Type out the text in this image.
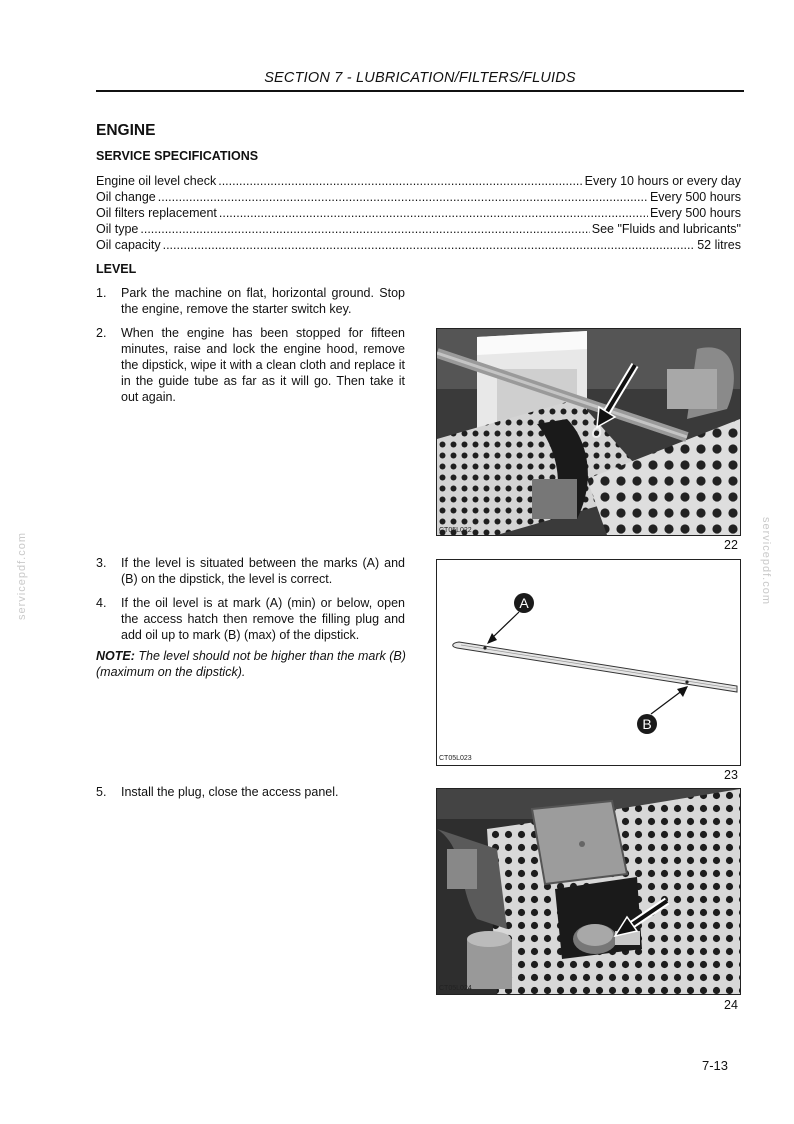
SECTION 7 - LUBRICATION/FILTERS/FLUIDS
ENGINE
SERVICE SPECIFICATIONS
Engine oil level check .....	Every 10 hours or every day
Oil change .....	Every 500 hours
Oil filters replacement .....	Every 500 hours
Oil type .....	See "Fluids and lubricants"
Oil capacity .....	52 litres
LEVEL
1. Park the machine on flat, horizontal ground. Stop the engine, remove the starter switch key.
2. When the engine has been stopped for fifteen minutes, raise and lock the engine hood, remove the dipstick, wipe it with a clean cloth and replace it in the guide tube as far as it will go. Then take it out again.
3. If the level is situated between the marks (A) and (B) on the dipstick, the level is correct.
4. If the oil level is at mark (A) (min) or below, open the access hatch then remove the filling plug and add oil up to mark (B) (max) of the dipstick.
NOTE: The level should not be higher than the mark (B) (maximum on the dipstick).
5. Install the plug, close the access panel.
CT05L022
22
A
B
CT05L023
23
CT05L024
24
7-13
servicepdf.com	servicepdf.com
